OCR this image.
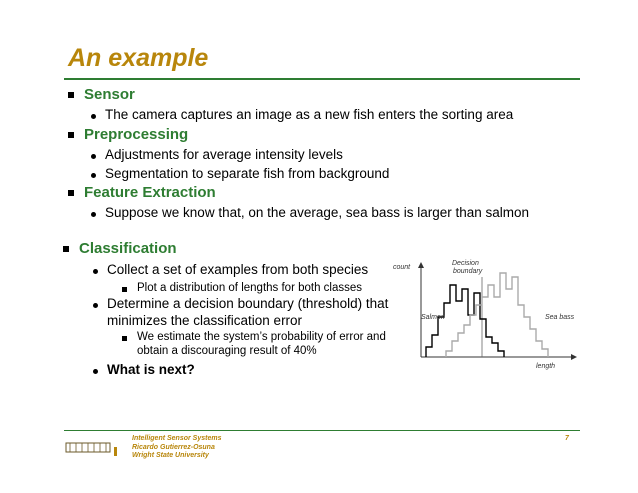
An example
Sensor
The camera captures an image as a new fish enters the sorting area
Preprocessing
Adjustments for average intensity levels
Segmentation to separate fish from background
Feature Extraction
Suppose we know that, on the average, sea bass is larger than salmon
Classification
Collect a set of examples from both species
Plot a distribution of lengths for both classes
Determine a decision boundary (threshold) that
minimizes the classification error
We estimate the system’s probability of error and
obtain a discouraging result of 40%
What is next?
count
length
Decision
boundary
Salmon	Sea bass
Intelligent Sensor Systems
Ricardo Gutierrez-Osuna
Wright State University
7
